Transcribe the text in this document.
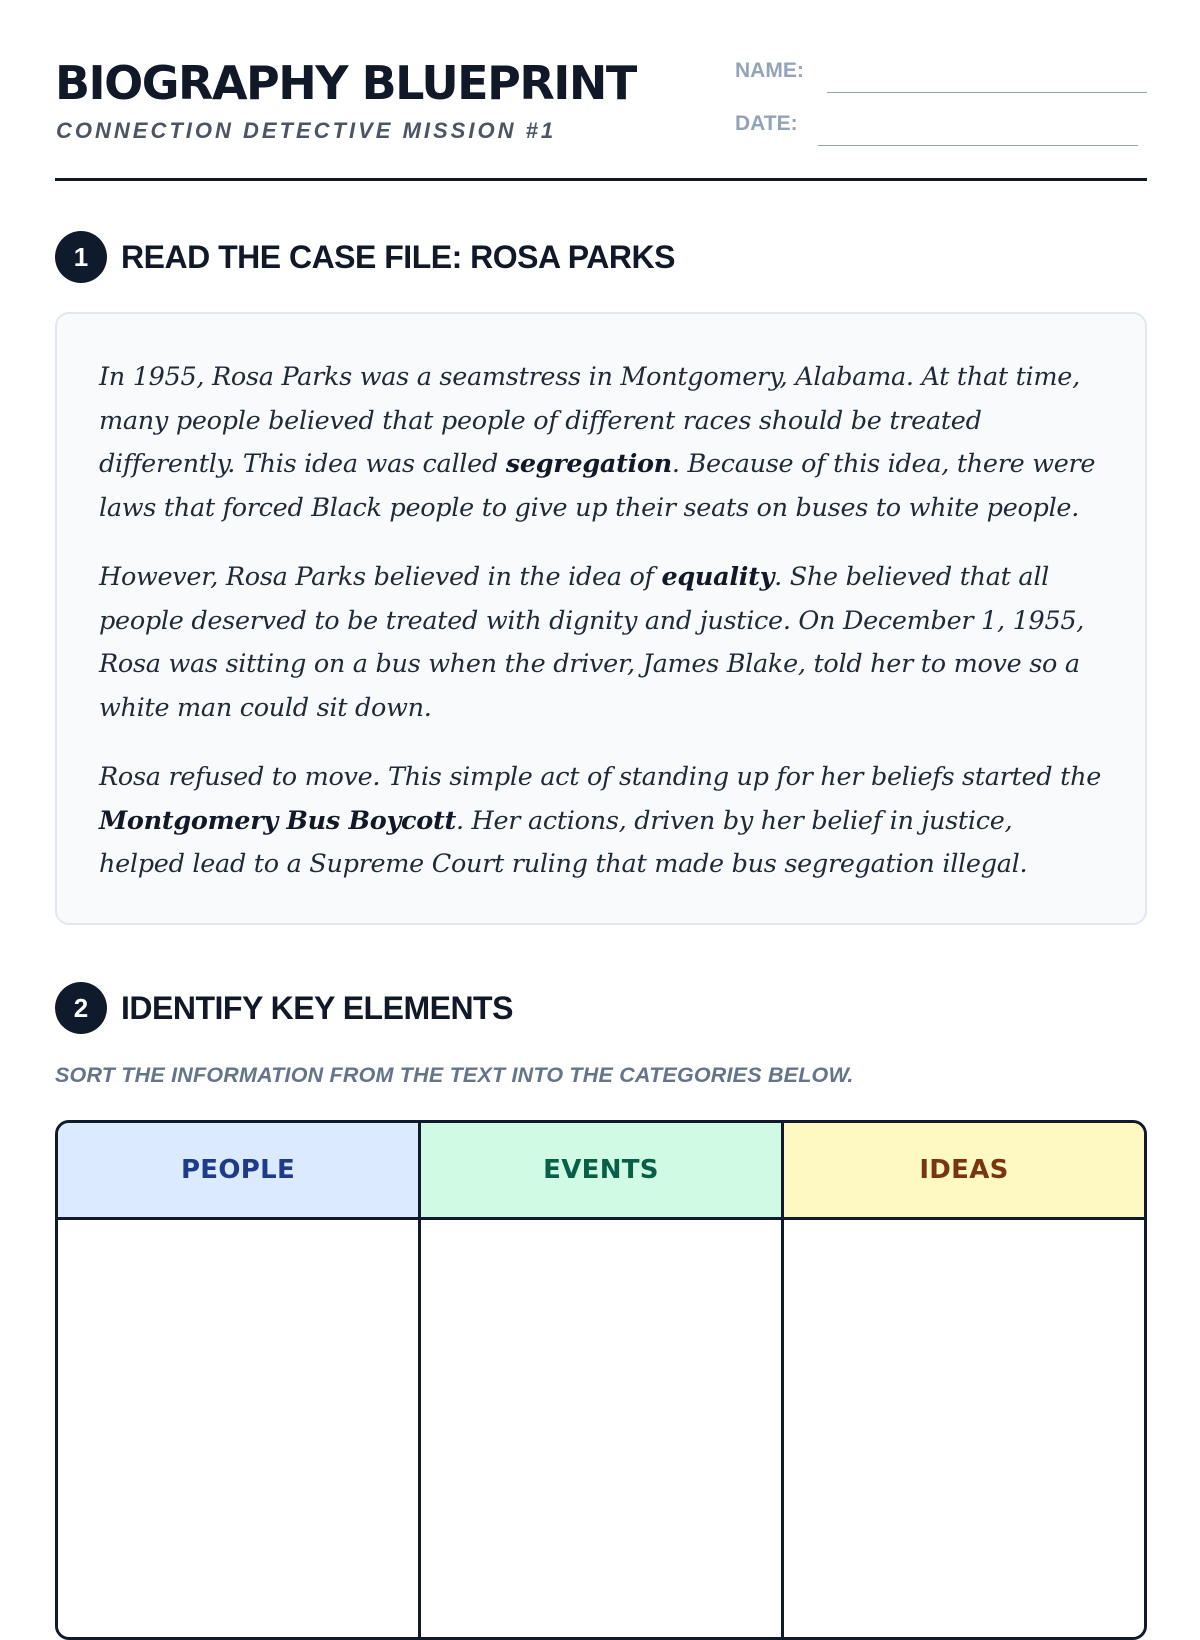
BIOGRAPHY BLUEPRINT
CONNECTION DETECTIVE MISSION #1
NAME:
DATE:
1	READ THE CASE FILE: ROSA PARKS

In 1955, Rosa Parks was a seamstress in Montgomery, Alabama. At that time, many people believed that people of different races should be treated differently. This idea was called segregation. Because of this idea, there were laws that forced Black people to give up their seats on buses to white people.

However, Rosa Parks believed in the idea of equality. She believed that all people deserved to be treated with dignity and justice. On December 1, 1955, Rosa was sitting on a bus when the driver, James Blake, told her to move so a white man could sit down.

Rosa refused to move. This simple act of standing up for her beliefs started the Montgomery Bus Boycott. Her actions, driven by her belief in justice, helped lead to a Supreme Court ruling that made bus segregation illegal.

2	IDENTIFY KEY ELEMENTS
SORT THE INFORMATION FROM THE TEXT INTO THE CATEGORIES BELOW.
PEOPLE	EVENTS	IDEAS
